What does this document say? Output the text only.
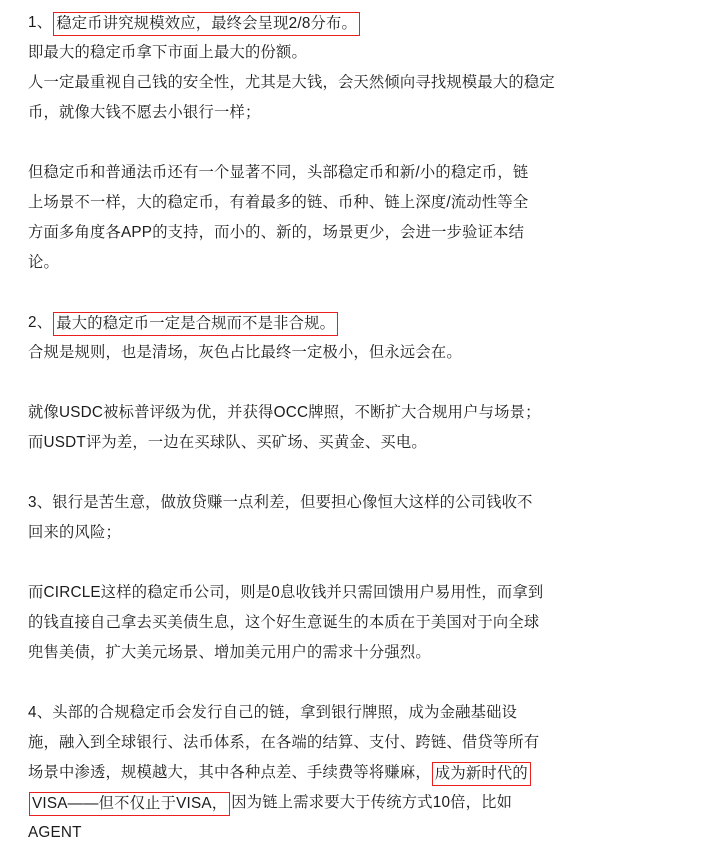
1、 稳定币讲究规模效应，最终会呈现2/8分布。
即最大的稳定币拿下市面上最大的份额。
人一定最重视自己钱的安全性，尤其是大钱，会天然倾向寻找规模最大的稳定
币，就像大钱不愿去小银行一样；
但稳定币和普通法币还有一个显著不同，头部稳定币和新/小的稳定币，链
上场景不一样，大的稳定币，有着最多的链、币种、链上深度/流动性等全
方面多角度各APP的支持，而小的、新的，场景更少，会进一步验证本结
论。
2、 最大的稳定币一定是合规而不是非合规。
合规是规则，也是清场，灰色占比最终一定极小，但永远会在。
就像USDC被标普评级为优，并获得OCC牌照，不断扩大合规用户与场景；
而USDT评为差，一边在买球队、买矿场、买黄金、买电。
3、银行是苦生意，做放贷赚一点利差，但要担心像恒大这样的公司钱收不
回来的风险；
而CIRCLE这样的稳定币公司，则是0息收钱并只需回馈用户易用性，而拿到
的钱直接自己拿去买美债生息，这个好生意诞生的本质在于美国对于向全球
兜售美债，扩大美元场景、增加美元用户的需求十分强烈。
4、头部的合规稳定币会发行自己的链，拿到银行牌照，成为金融基础设
施，融入到全球银行、法币体系，在各端的结算、支付、跨链、借贷等所有
场景中渗透，规模越大，其中各种点差、手续费等将赚麻， 成为新时代的
VISA——但不仅止于VISA， 因为链上需求要大于传统方式10倍，比如
AGENT
